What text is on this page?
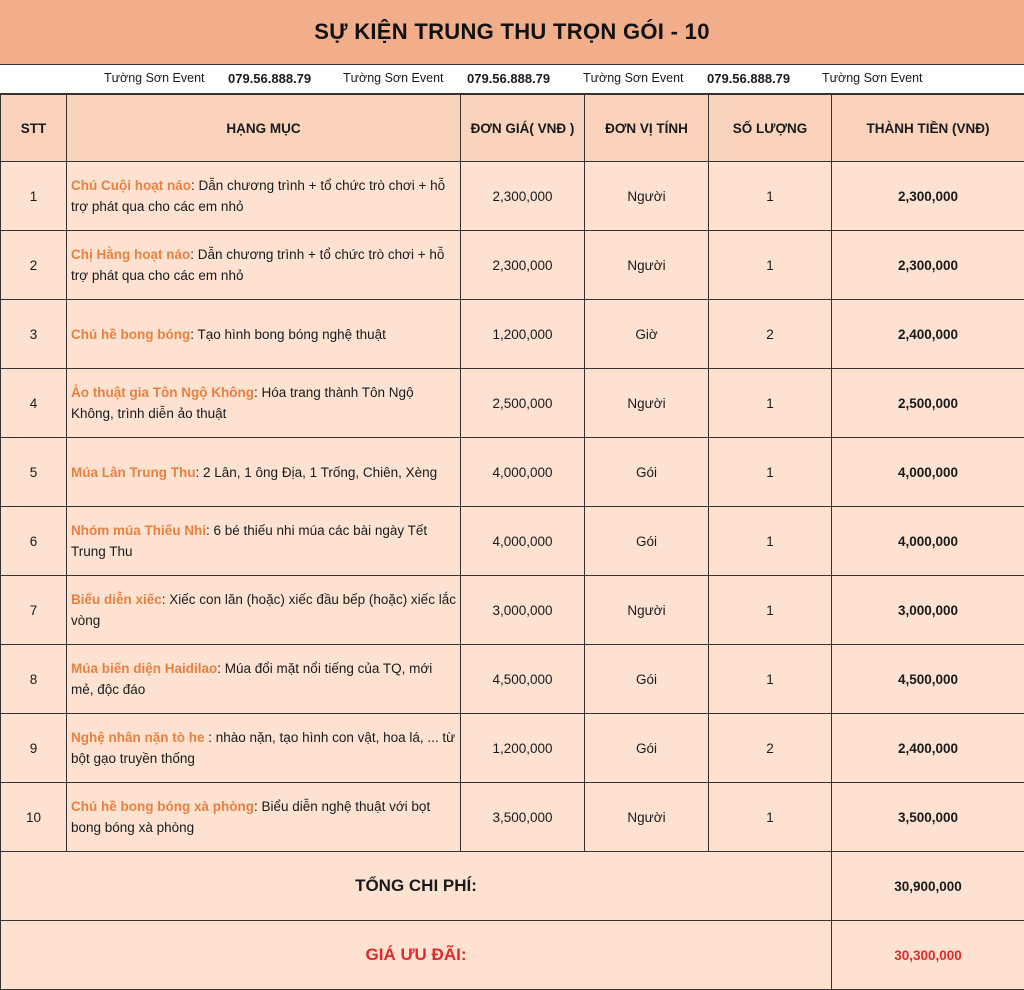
SỰ KIỆN TRUNG THU TRỌN GÓI - 10
Tường Sơn Event 079.56.888.79	Tường Sơn Event 079.56.888.79	Tường Sơn Event 079.56.888.79	Tường Sơn Event
STT	HẠNG MỤC	ĐƠN GIÁ( VNĐ )	ĐƠN VỊ TÍNH	SỐ LƯỢNG	THÀNH TIỀN (VNĐ)
1	Chú Cuội hoạt náo: Dẫn chương trình + tổ chức trò chơi + hỗ trợ phát qua cho các em nhỏ	2,300,000	Người	1	2,300,000
2	Chị Hằng hoạt náo: Dẫn chương trình + tổ chức trò chơi + hỗ trợ phát qua cho các em nhỏ	2,300,000	Người	1	2,300,000
3	Chú hề bong bóng: Tạo hình bong bóng nghệ thuật	1,200,000	Giờ	2	2,400,000
4	Ảo thuật gia Tôn Ngộ Không: Hóa trang thành Tôn Ngộ Không, trình diễn ảo thuật	2,500,000	Người	1	2,500,000
5	Múa Lân Trung Thu: 2 Lân, 1 ông Địa, 1 Trống, Chiên, Xèng	4,000,000	Gói	1	4,000,000
6	Nhóm múa Thiếu Nhi: 6 bé thiếu nhi múa các bài ngày Tết Trung Thu	4,000,000	Gói	1	4,000,000
7	Biểu diễn xiếc: Xiếc con lăn (hoặc) xiếc đầu bếp (hoặc) xiếc lắc vòng	3,000,000	Người	1	3,000,000
8	Múa biến diện Haidilao: Múa đổi mặt nổi tiếng của TQ, mới mẻ, độc đáo	4,500,000	Gói	1	4,500,000
9	Nghệ nhân nặn tò he : nhào nặn, tạo hình con vật, hoa lá, ... từ bột gạo truyền thống	1,200,000	Gói	2	2,400,000
10	Chú hề bong bóng xà phòng: Biểu diễn nghệ thuật với bọt bong bóng xà phòng	3,500,000	Người	1	3,500,000
TỔNG CHI PHÍ:					30,900,000
GIÁ ƯU ĐÃI:					30,300,000
